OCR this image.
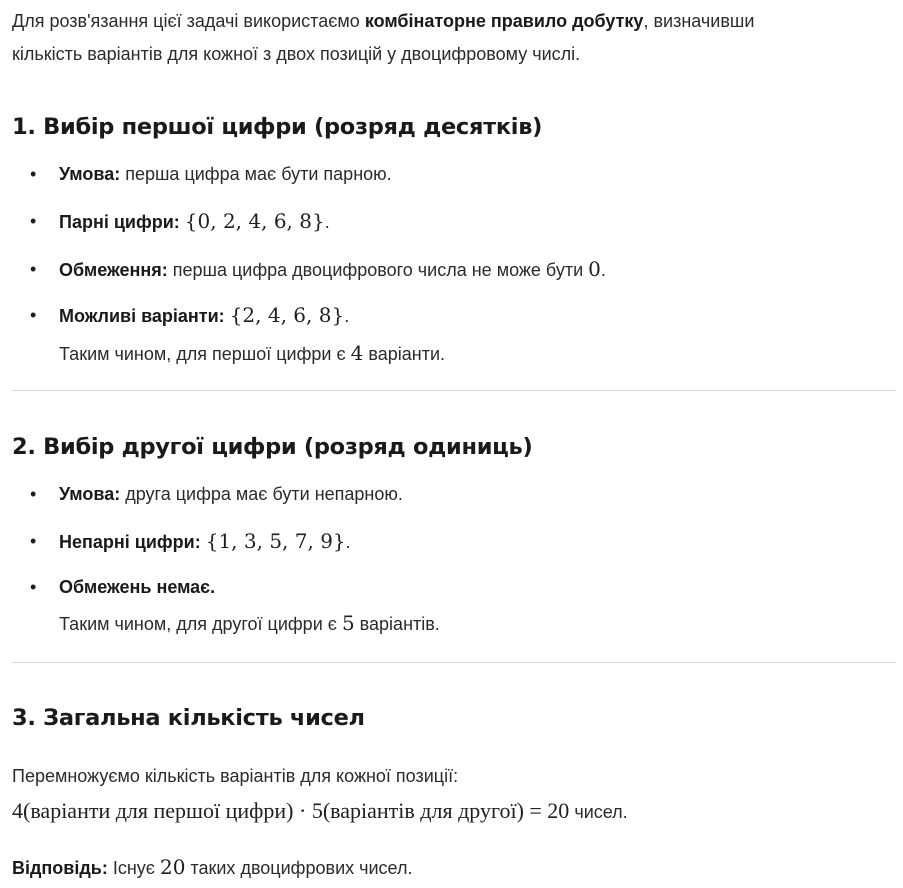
Для розв'язання цієї задачі використаємо комбінаторне правило добутку, визначивши
кількість варіантів для кожної з двох позицій у двоцифровому числі.
1. Вибір першої цифри (розряд десятків)
• Умова: перша цифра має бути парною.
• Парні цифри: {0, 2, 4, 6, 8}.
• Обмеження: перша цифра двоцифрового числа не може бути 0.
• Можливі варіанти: {2, 4, 6, 8}.
Таким чином, для першої цифри є 4 варіанти.
2. Вибір другої цифри (розряд одиниць)
• Умова: друга цифра має бути непарною.
• Непарні цифри: {1, 3, 5, 7, 9}.
• Обмежень немає.
Таким чином, для другої цифри є 5 варіантів.
3. Загальна кількість чисел
Перемножуємо кількість варіантів для кожної позиції:
4(варіанти для першої цифри) · 5(варіантів для другої) = 20 чисел.
Відповідь: Існує 20 таких двоцифрових чисел.
